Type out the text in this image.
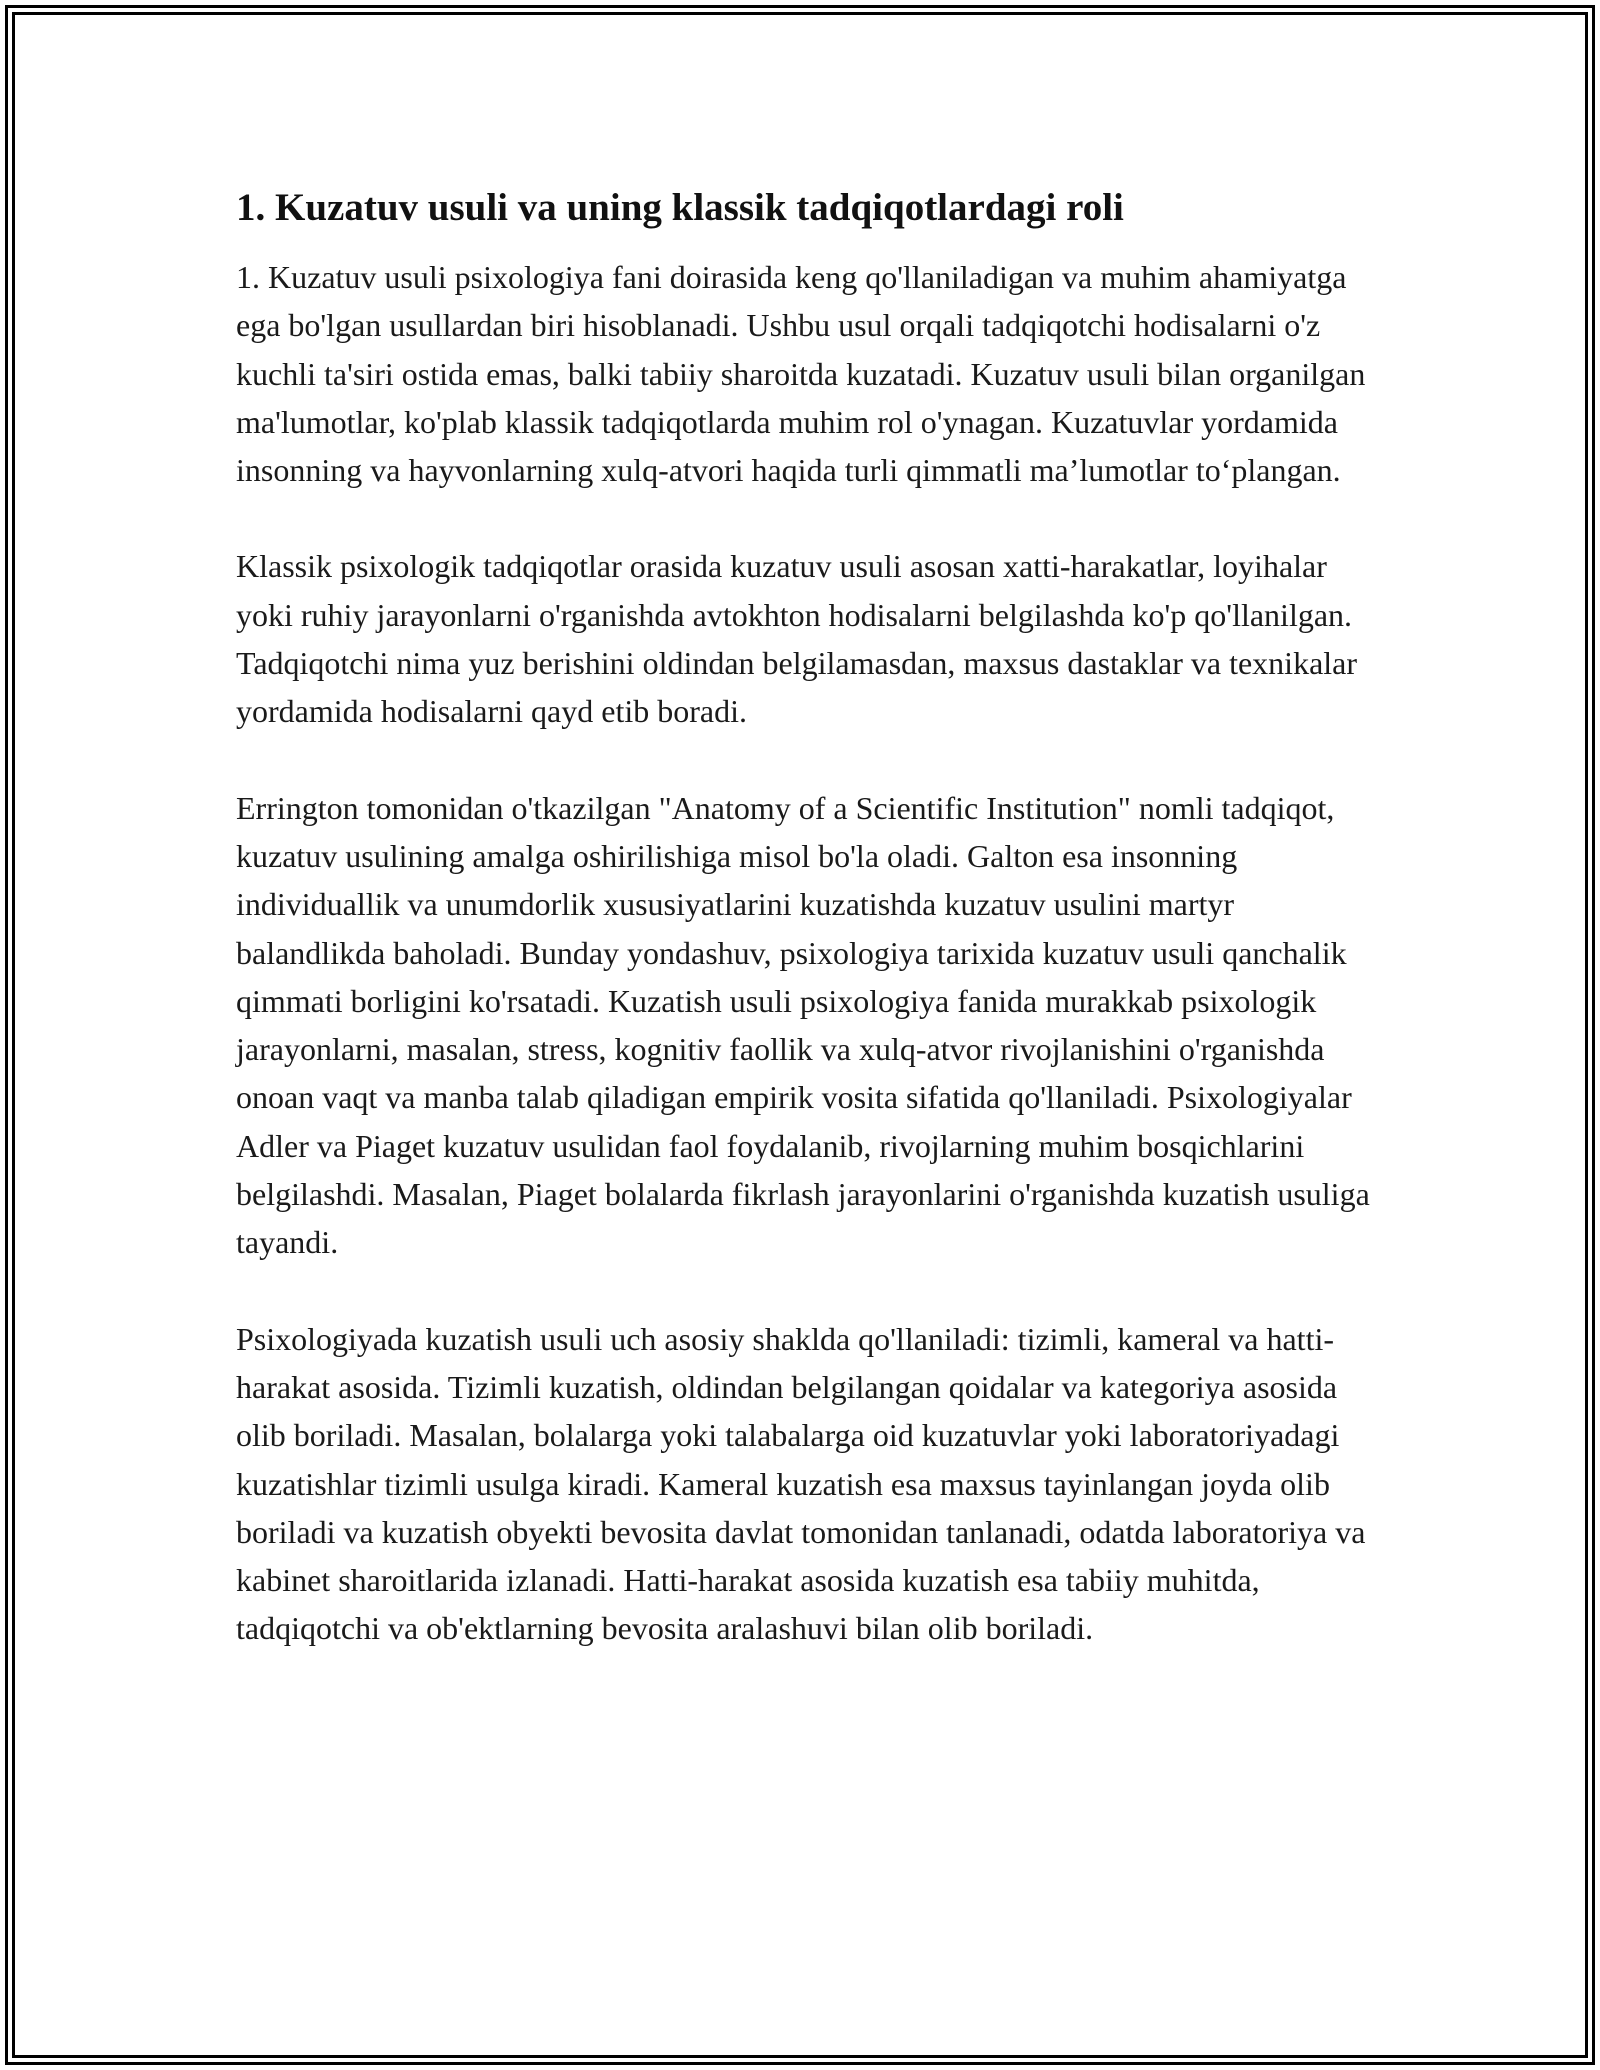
1. Kuzatuv usuli va uning klassik tadqiqotlardagi roli

1. Kuzatuv usuli psixologiya fani doirasida keng qo'llaniladigan va muhim ahamiyatga ega bo'lgan usullardan biri hisoblanadi. Ushbu usul orqali tadqiqotchi hodisalarni o'z kuchli ta'siri ostida emas, balki tabiiy sharoitda kuzatadi. Kuzatuv usuli bilan organilgan ma'lumotlar, ko'plab klassik tadqiqotlarda muhim rol o'ynagan. Kuzatuvlar yordamida insonning va hayvonlarning xulq-atvori haqida turli qimmatli ma’lumotlar to‘plangan.

Klassik psixologik tadqiqotlar orasida kuzatuv usuli asosan xatti-harakatlar, loyihalar yoki ruhiy jarayonlarni o'rganishda avtokhton hodisalarni belgilashda ko'p qo'llanilgan. Tadqiqotchi nima yuz berishini oldindan belgilamasdan, maxsus dastaklar va texnikalar yordamida hodisalarni qayd etib boradi.

Errington tomonidan o'tkazilgan "Anatomy of a Scientific Institution" nomli tadqiqot, kuzatuv usulining amalga oshirilishiga misol bo'la oladi. Galton esa insonning individuallik va unumdorlik xususiyatlarini kuzatishda kuzatuv usulini martyr balandlikda baholadi. Bunday yondashuv, psixologiya tarixida kuzatuv usuli qanchalik qimmati borligini ko'rsatadi. Kuzatish usuli psixologiya fanida murakkab psixologik jarayonlarni, masalan, stress, kognitiv faollik va xulq-atvor rivojlanishini o'rganishda onoan vaqt va manba talab qiladigan empirik vosita sifatida qo'llaniladi. Psixologiyalar Adler va Piaget kuzatuv usulidan faol foydalanib, rivojlarning muhim bosqichlarini belgilashdi. Masalan, Piaget bolalarda fikrlash jarayonlarini o'rganishda kuzatish usuliga tayandi.

Psixologiyada kuzatish usuli uch asosiy shaklda qo'llaniladi: tizimli, kameral va hatti-harakat asosida. Tizimli kuzatish, oldindan belgilangan qoidalar va kategoriya asosida olib boriladi. Masalan, bolalarga yoki talabalarga oid kuzatuvlar yoki laboratoriyadagi kuzatishlar tizimli usulga kiradi. Kameral kuzatish esa maxsus tayinlangan joyda olib boriladi va kuzatish obyekti bevosita davlat tomonidan tanlanadi, odatda laboratoriya va kabinet sharoitlarida izlanadi. Hatti-harakat asosida kuzatish esa tabiiy muhitda, tadqiqotchi va ob'ektlarning bevosita aralashuvi bilan olib boriladi.
